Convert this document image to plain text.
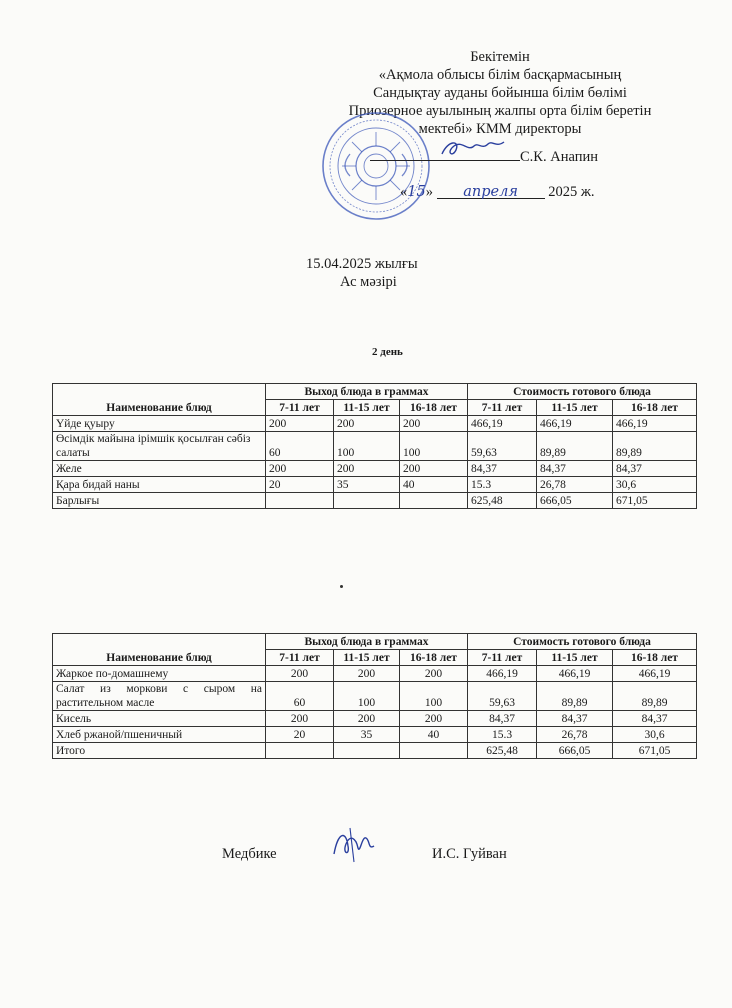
Бекітемін
«Ақмола облысы білім басқармасының
Сандықтау ауданы бойынша білім бөлімі
Приозерное ауылының жалпы орта білім беретін
мектебі» КММ директоры
С.К. Анапин
«15» апреля 2025 ж.
15.04.2025 жылғы
Ас мәзірі
2 день
Наименование блюд	Выход блюда в граммах			Стоимость готового блюда		
	7-11 лет	11-15 лет	16-18 лет	7-11 лет	11-15 лет	16-18 лет
Үйде қуыру	200	200	200	466,19	466,19	466,19
Өсімдік майына ірімшік қосылған сәбіз салаты	60	100	100	59,63	89,89	89,89
Желе	200	200	200	84,37	84,37	84,37
Қара бидай наны	20	35	40	15.3	26,78	30,6
Барлығы				625,48	666,05	671,05
Наименование блюд	Выход блюда в граммах			Стоимость готового блюда		
	7-11 лет	11-15 лет	16-18 лет	7-11 лет	11-15 лет	16-18 лет
Жаркое по-домашнему	200	200	200	466,19	466,19	466,19
Салат из моркови с сыром на растительном масле	60	100	100	59,63	89,89	89,89
Кисель	200	200	200	84,37	84,37	84,37
Хлеб ржаной/пшеничный	20	35	40	15.3	26,78	30,6
Итого				625,48	666,05	671,05
Медбике	И.С. Гуйван
